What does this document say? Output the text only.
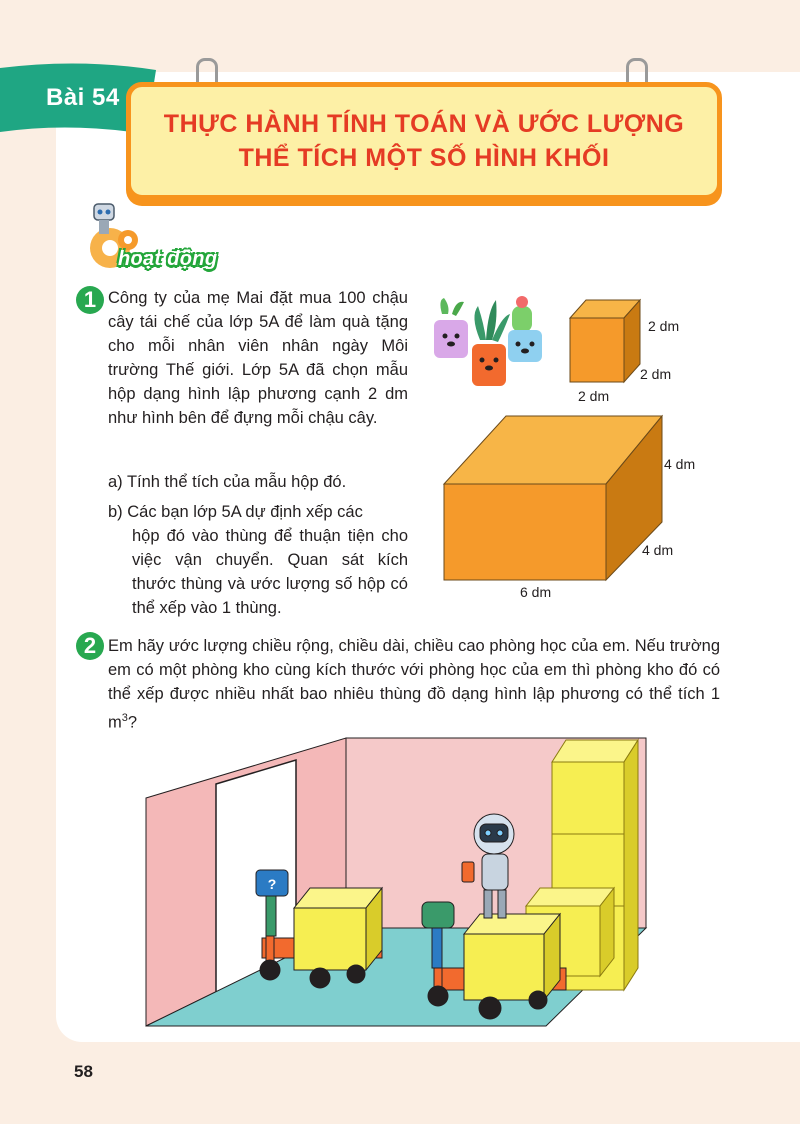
Bài 54
THỰC HÀNH TÍNH TOÁN VÀ ƯỚC LƯỢNG
THỂ TÍCH MỘT SỐ HÌNH KHỐI
hoạt động
1 Công ty của mẹ Mai đặt mua 100 chậu cây tái chế của lớp 5A để làm quà tặng cho mỗi nhân viên nhân ngày Môi trường Thế giới. Lớp 5A đã chọn mẫu hộp dạng hình lập phương cạnh 2 dm như hình bên để đựng mỗi chậu cây.
a) Tính thể tích của mẫu hộp đó.
b) Các bạn lớp 5A dự định xếp các
hộp đó vào thùng để thuận tiện cho việc vận chuyển. Quan sát kích thước thùng và ước lượng số hộp có thể xếp vào 1 thùng.
2 dm
2 dm
2 dm
4 dm
4 dm
6 dm
2 Em hãy ước lượng chiều rộng, chiều dài, chiều cao phòng học của em. Nếu trường em có một phòng kho cùng kích thước với phòng học của em thì phòng kho đó có thể xếp được nhiều nhất bao nhiêu thùng đồ dạng hình lập phương có thể tích 1 $m^3$?
?
58
